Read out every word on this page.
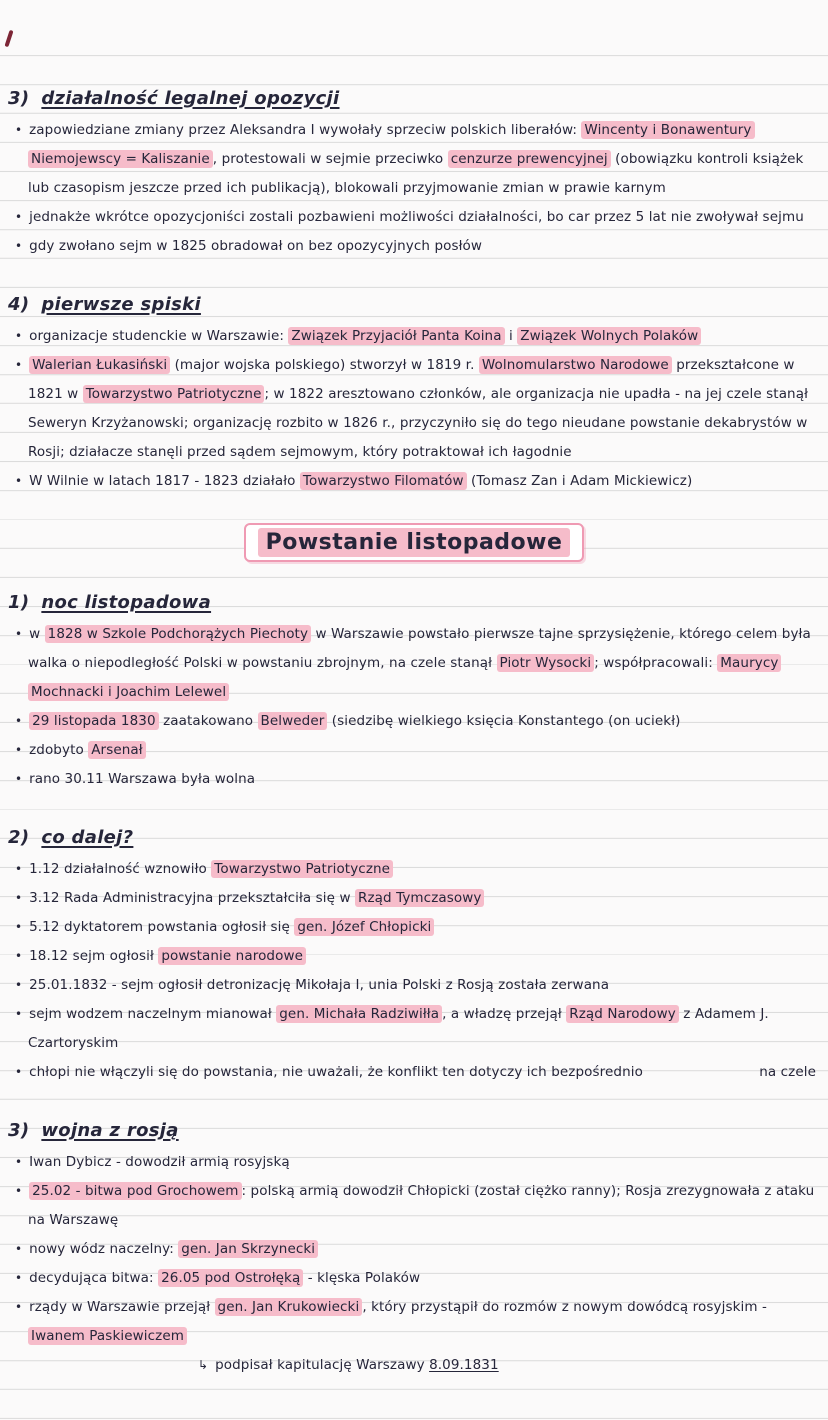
3) działalność legalnej opozycji
• zapowiedziane zmiany przez Aleksandra I wywołały sprzeciw polskich liberałów: Wincenty i Bonawentury Niemojewscy = Kaliszanie , protestowali w sejmie przeciwko cenzurze prewencyjnej (obowiązku kontroli książek lub czasopism jeszcze przed ich publikacją), blokowali przyjmowanie zmian w prawie karnym
• jednakże wkrótce opozycjoniści zostali pozbawieni możliwości działalności, bo car przez 5 lat nie zwoływał sejmu
• gdy zwołano sejm w 1825 obradował on bez opozycyjnych posłów
4) pierwsze spiski
• organizacje studenckie w Warszawie: Związek Przyjaciół Panta Koina i Związek Wolnych Polaków
• Walerian Łukasiński (major wojska polskiego) stworzył w 1819 r. Wolnomularstwo Narodowe przekształcone w 1821 w Towarzystwo Patriotyczne ; w 1822 aresztowano członków, ale organizacja nie upadła - na jej czele stanął Seweryn Krzyżanowski; organizację rozbito w 1826 r., przyczyniło się do tego nieudane powstanie dekabrystów w Rosji; działacze stanęli przed sądem sejmowym, który potraktował ich łagodnie
• W Wilnie w latach 1817 - 1823 działało Towarzystwo Filomatów (Tomasz Zan i Adam Mickiewicz)
Powstanie listopadowe
1) noc listopadowa
• w 1828 w Szkole Podchorążych Piechoty w Warszawie powstało pierwsze tajne sprzysiężenie, którego celem była walka o niepodległość Polski w powstaniu zbrojnym, na czele stanął Piotr Wysocki ; współpracowali: Maurycy Mochnacki i Joachim Lelewel
• 29 listopada 1830 zaatakowano Belweder (siedzibę wielkiego księcia Konstantego (on uciekł)
• zdobyto Arsenał
• rano 30.11 Warszawa była wolna
2) co dalej?
• 1.12 działalność wznowiło Towarzystwo Patriotyczne
• 3.12 Rada Administracyjna przekształciła się w Rząd Tymczasowy
• 5.12 dyktatorem powstania ogłosił się gen. Józef Chłopicki
• 18.12 sejm ogłosił powstanie narodowe
• 25.01.1832 - sejm ogłosił detronizację Mikołaja I, unia Polski z Rosją została zerwana
• sejm wodzem naczelnym mianował gen. Michała Radziwiłła , a władzę przejął Rząd Narodowy z Adamem J. Czartoryskim
• chłopi nie włączyli się do powstania, nie uważali, że konflikt ten dotyczy ich bezpośrednio	na czele
3) wojna z rosją
• Iwan Dybicz - dowodził armią rosyjską
• 25.02 - bitwa pod Grochowem : polską armią dowodził Chłopicki (został ciężko ranny); Rosja zrezygnowała z ataku na Warszawę
• nowy wódz naczelny: gen. Jan Skrzynecki
• decydująca bitwa: 26.05 pod Ostrołęką - klęska Polaków
• rządy w Warszawie przejął gen. Jan Krukowiecki , który przystąpił do rozmów z nowym dowódcą rosyjskim - Iwanem Paskiewiczem
↳ podpisał kapitulację Warszawy 8.09.1831
